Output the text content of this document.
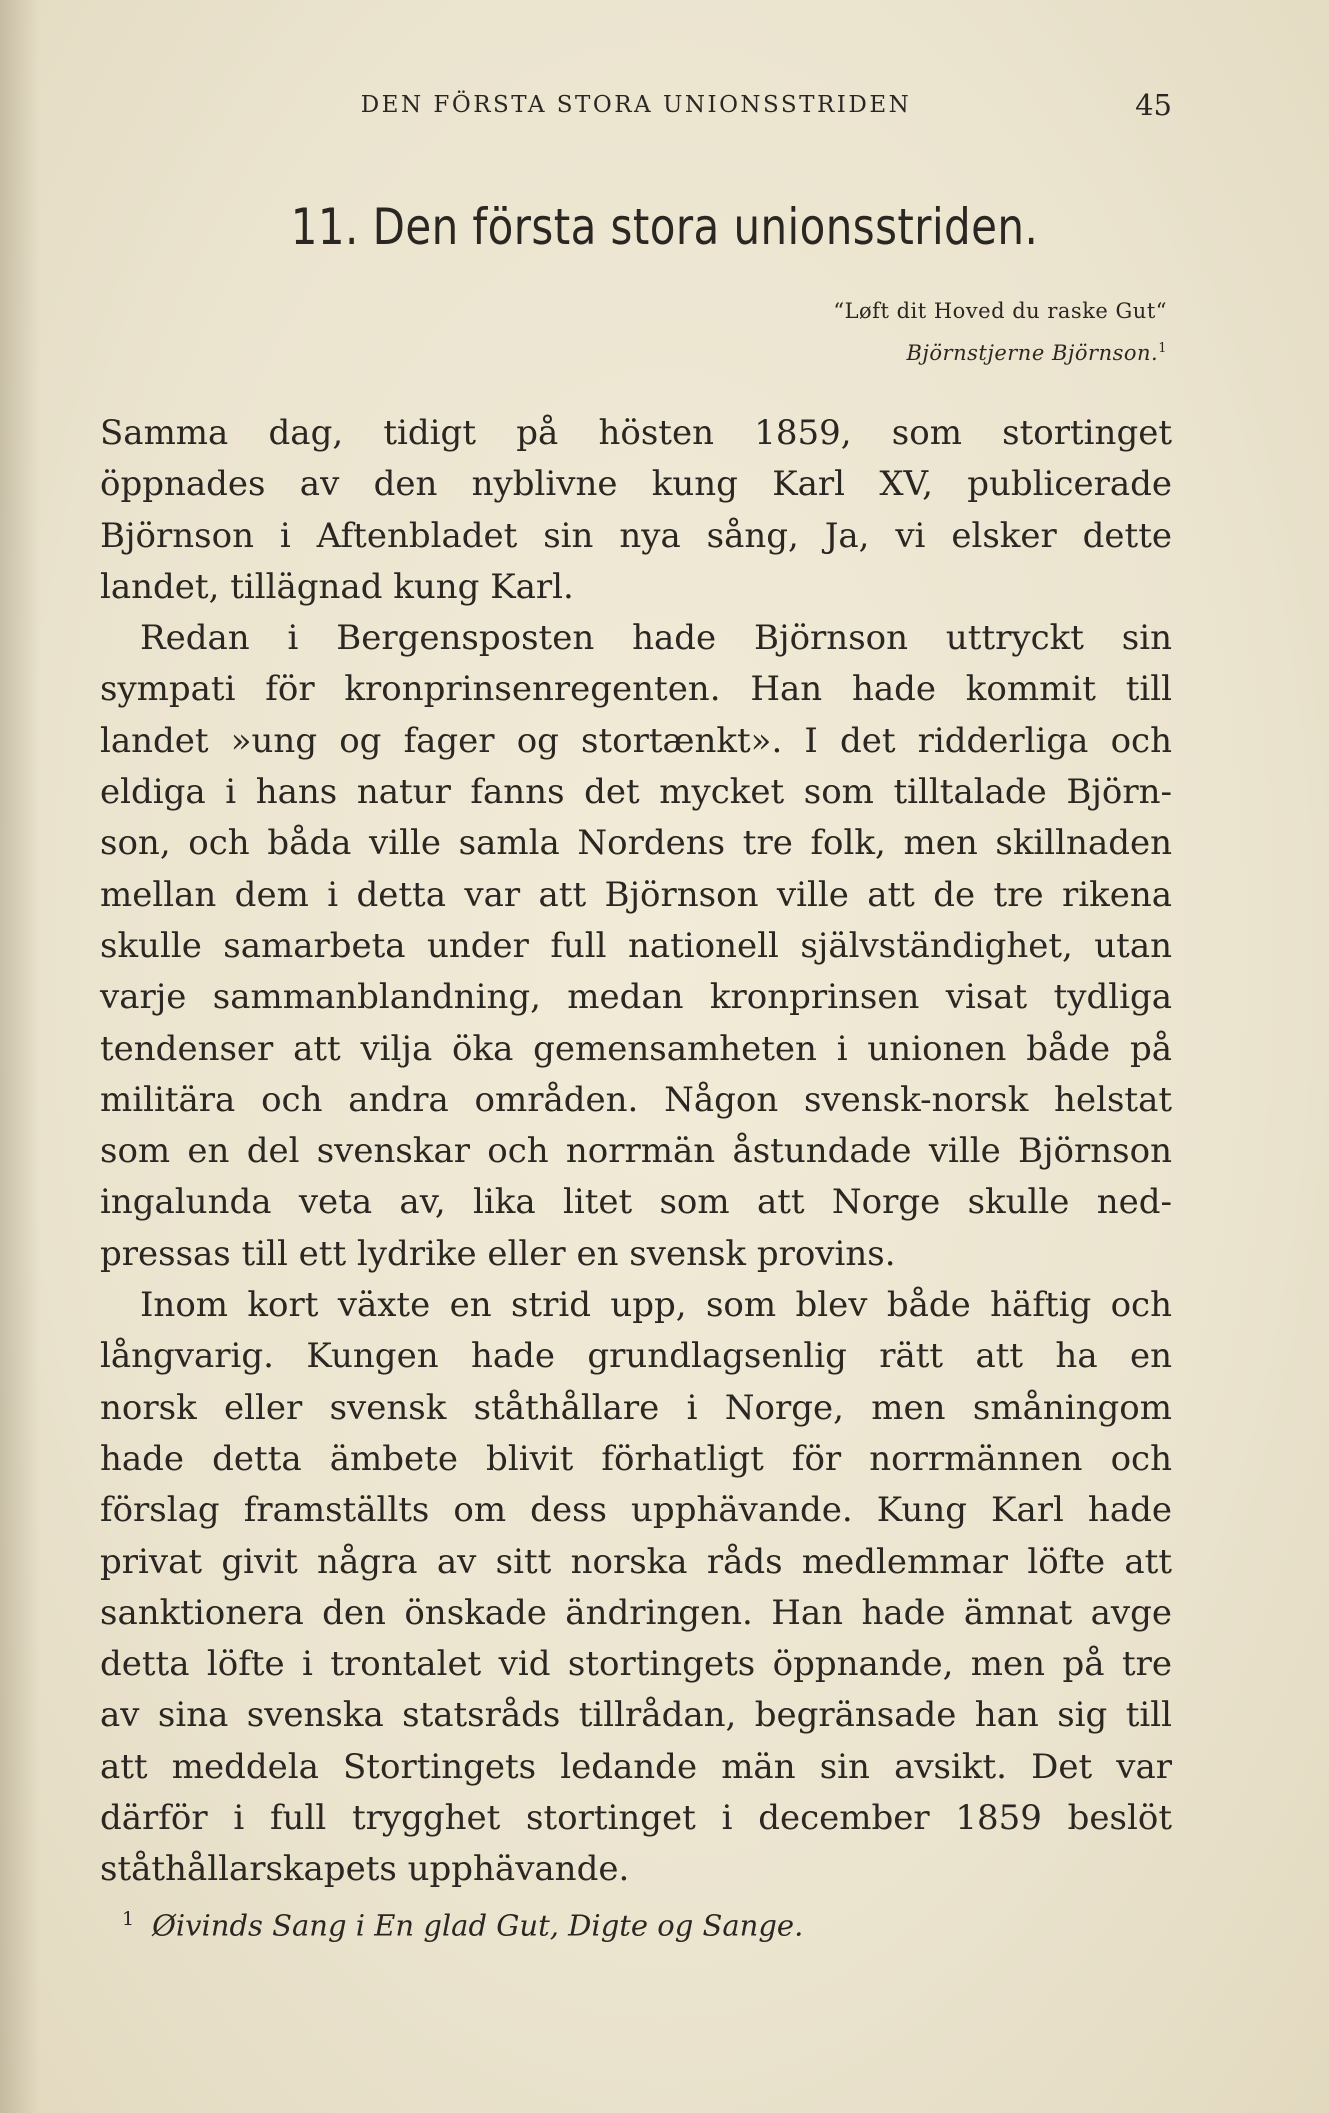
DEN FÖRSTA STORA UNIONSSTRIDEN	45
11. Den första stora unionsstriden.
“Løft dit Hoved du raske Gut“
Björnstjerne Björnson.$^1$
Samma dag, tidigt på hösten 1859, som stortinget
öppnades av den nyblivne kung Karl XV, publicerade
Björnson i Aftenbladet sin nya sång, Ja, vi elsker dette
landet, tillägnad kung Karl.
Redan i Bergensposten hade Björnson uttryckt sin
sympati för kronprinsenregenten. Han hade kommit till
landet »ung og fager og stortænkt». I det ridderliga och
eldiga i hans natur fanns det mycket som tilltalade Björn-
son, och båda ville samla Nordens tre folk, men skillnaden
mellan dem i detta var att Björnson ville att de tre rikena
skulle samarbeta under full nationell självständighet, utan
varje sammanblandning, medan kronprinsen visat tydliga
tendenser att vilja öka gemensamheten i unionen både på
militära och andra områden. Någon svensk-norsk helstat
som en del svenskar och norrmän åstundade ville Björnson
ingalunda veta av, lika litet som att Norge skulle ned-
pressas till ett lydrike eller en svensk provins.
Inom kort växte en strid upp, som blev både häftig och
långvarig. Kungen hade grundlagsenlig rätt att ha en
norsk eller svensk ståthållare i Norge, men småningom
hade detta ämbete blivit förhatligt för norrmännen och
förslag framställts om dess upphävande. Kung Karl hade
privat givit några av sitt norska råds medlemmar löfte att
sanktionera den önskade ändringen. Han hade ämnat avge
detta löfte i trontalet vid stortingets öppnande, men på tre
av sina svenska statsråds tillrådan, begränsade han sig till
att meddela Stortingets ledande män sin avsikt. Det var
därför i full trygghet stortinget i december 1859 beslöt
ståthållarskapets upphävande.
$^1$ Øivinds Sang i En glad Gut, Digte og Sange.
